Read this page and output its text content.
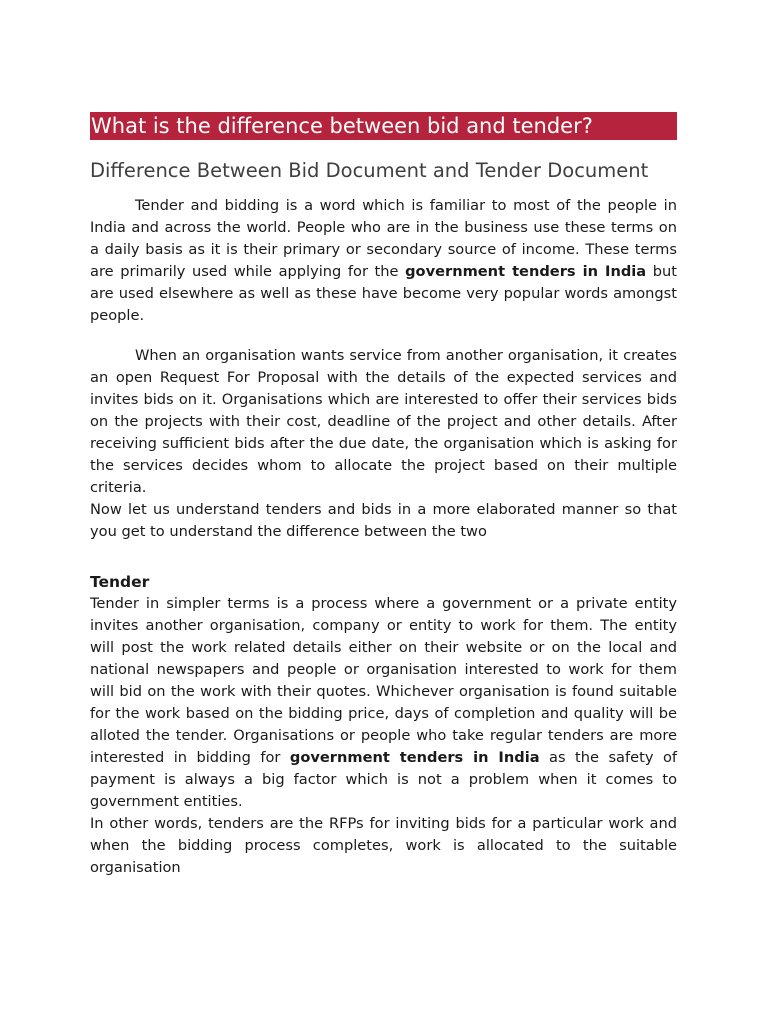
What is the difference between bid and tender?
Difference Between Bid Document and Tender Document

Tender and bidding is a word which is familiar to most of the people in India and across the world. People who are in the business use these terms on a daily basis as it is their primary or secondary source of income. These terms are primarily used while applying for the government tenders in India but are used elsewhere as well as these have become very popular words amongst people.

When an organisation wants service from another organisation, it creates an open Request For Proposal with the details of the expected services and invites bids on it. Organisations which are interested to offer their services bids on the projects with their cost, deadline of the project and other details. After receiving sufficient bids after the due date, the organisation which is asking for the services decides whom to allocate the project based on their multiple criteria.

Now let us understand tenders and bids in a more elaborated manner so that you get to understand the difference between the two

Tender

Tender in simpler terms is a process where a government or a private entity invites another organisation, company or entity to work for them. The entity will post the work related details either on their website or on the local and national newspapers and people or organisation interested to work for them will bid on the work with their quotes. Whichever organisation is found suitable for the work based on the bidding price, days of completion and quality will be alloted the tender. Organisations or people who take regular tenders are more interested in bidding for government tenders in India as the safety of payment is always a big factor which is not a problem when it comes to government entities.

In other words, tenders are the RFPs for inviting bids for a particular work and when the bidding process completes, work is allocated to the suitable organisation
